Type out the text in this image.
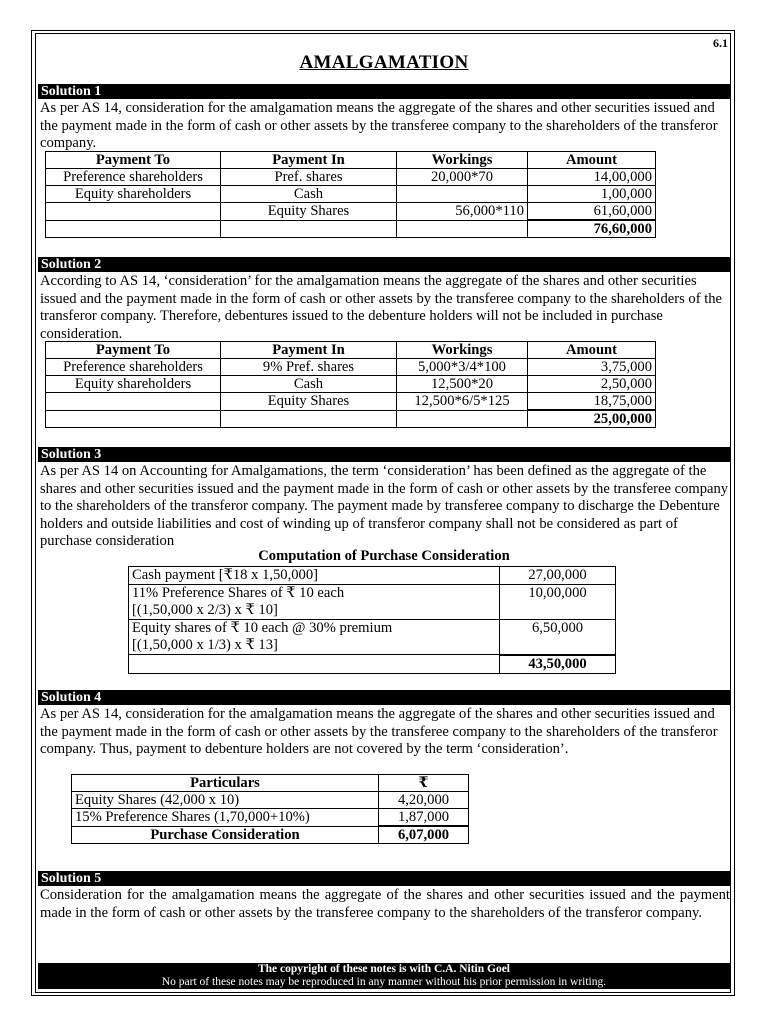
6.1
AMALGAMATION
Solution 1
As per AS 14, consideration for the amalgamation means the aggregate of the shares and other securities issued and the payment made in the form of cash or other assets by the transferee company to the shareholders of the transferor company.
Payment To	Payment In	Workings	Amount
Preference shareholders	Pref. shares	20,000*70	14,00,000
Equity shareholders	Cash		1,00,000
	Equity Shares	56,000*110	61,60,000
			76,60,000
Solution 2
According to AS 14, ‘consideration’ for the amalgamation means the aggregate of the shares and other securities issued and the payment made in the form of cash or other assets by the transferee company to the shareholders of the transferor company. Therefore, debentures issued to the debenture holders will not be included in purchase consideration.
Payment To	Payment In	Workings	Amount
Preference shareholders	9% Pref. shares	5,000*3/4*100	3,75,000
Equity shareholders	Cash	12,500*20	2,50,000
	Equity Shares	12,500*6/5*125	18,75,000
			25,00,000
Solution 3
As per AS 14 on Accounting for Amalgamations, the term ‘consideration’ has been defined as the aggregate of the shares and other securities issued and the payment made in the form of cash or other assets by the transferee company to the shareholders of the transferor company. The payment made by transferee company to discharge the Debenture holders and outside liabilities and cost of winding up of transferor company shall not be considered as part of purchase consideration
Computation of Purchase Consideration
Cash payment [₹18 x 1,50,000]	27,00,000

11% Preference Shares of ₹ 10 each
[(1,50,000 x 2/3) x ₹ 10]	10,00,000

Equity shares of ₹ 10 each @ 30% premium
[(1,50,000 x 1/3) x ₹ 13]	6,50,000
	43,50,000
Solution 4
As per AS 14, consideration for the amalgamation means the aggregate of the shares and other securities issued and the payment made in the form of cash or other assets by the transferee company to the shareholders of the transferor company. Thus, payment to debenture holders are not covered by the term ‘consideration’.
Particulars	₹
Equity Shares (42,000 x 10)	4,20,000
15% Preference Shares (1,70,000+10%)	1,87,000
Purchase Consideration	6,07,000
Solution 5
Consideration for the amalgamation means the aggregate of the shares and other securities issued and the payment made in the form of cash or other assets by the transferee company to the shareholders of the transferor company.
The copyright of these notes is with C.A. Nitin Goel
No part of these notes may be reproduced in any manner without his prior permission in writing.
